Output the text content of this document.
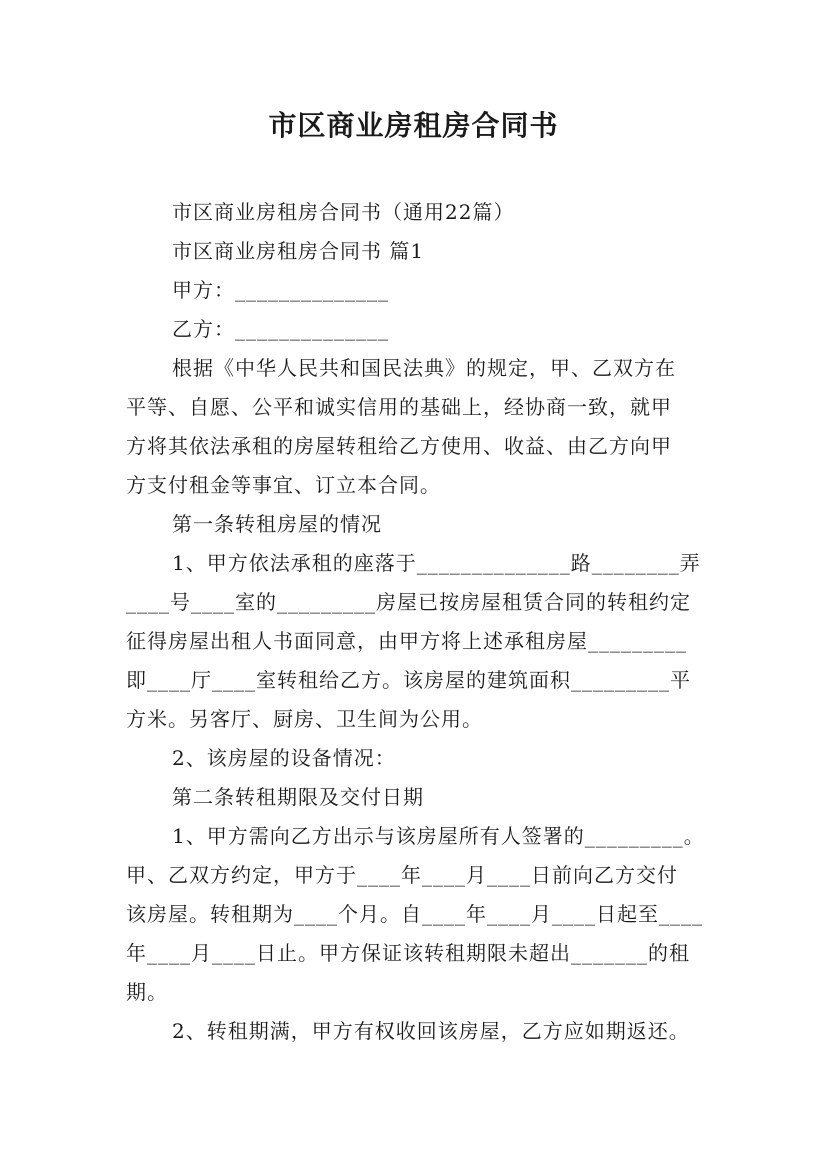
市区商业房租房合同书
市区商业房租房合同书（通用22篇）
市区商业房租房合同书 篇1
甲方：______________
乙方：______________
根据《中华人民共和国民法典》的规定，甲、乙双方在
平等、自愿、公平和诚实信用的基础上，经协商一致，就甲
方将其依法承租的房屋转租给乙方使用、收益、由乙方向甲
方支付租金等事宜、订立本合同。
第一条转租房屋的情况
1、甲方依法承租的座落于______________路________弄
____号____室的_________房屋已按房屋租赁合同的转租约定
征得房屋出租人书面同意，由甲方将上述承租房屋_________
即____厅____室转租给乙方。该房屋的建筑面积_________平
方米。另客厅、厨房、卫生间为公用。
2、该房屋的设备情况：
第二条转租期限及交付日期
1、甲方需向乙方出示与该房屋所有人签署的_________。
甲、乙双方约定，甲方于____年____月____日前向乙方交付
该房屋。转租期为____个月。自____年____月____日起至____
年____月____日止。甲方保证该转租期限未超出_______的租
期。
2、转租期满，甲方有权收回该房屋，乙方应如期返还。
